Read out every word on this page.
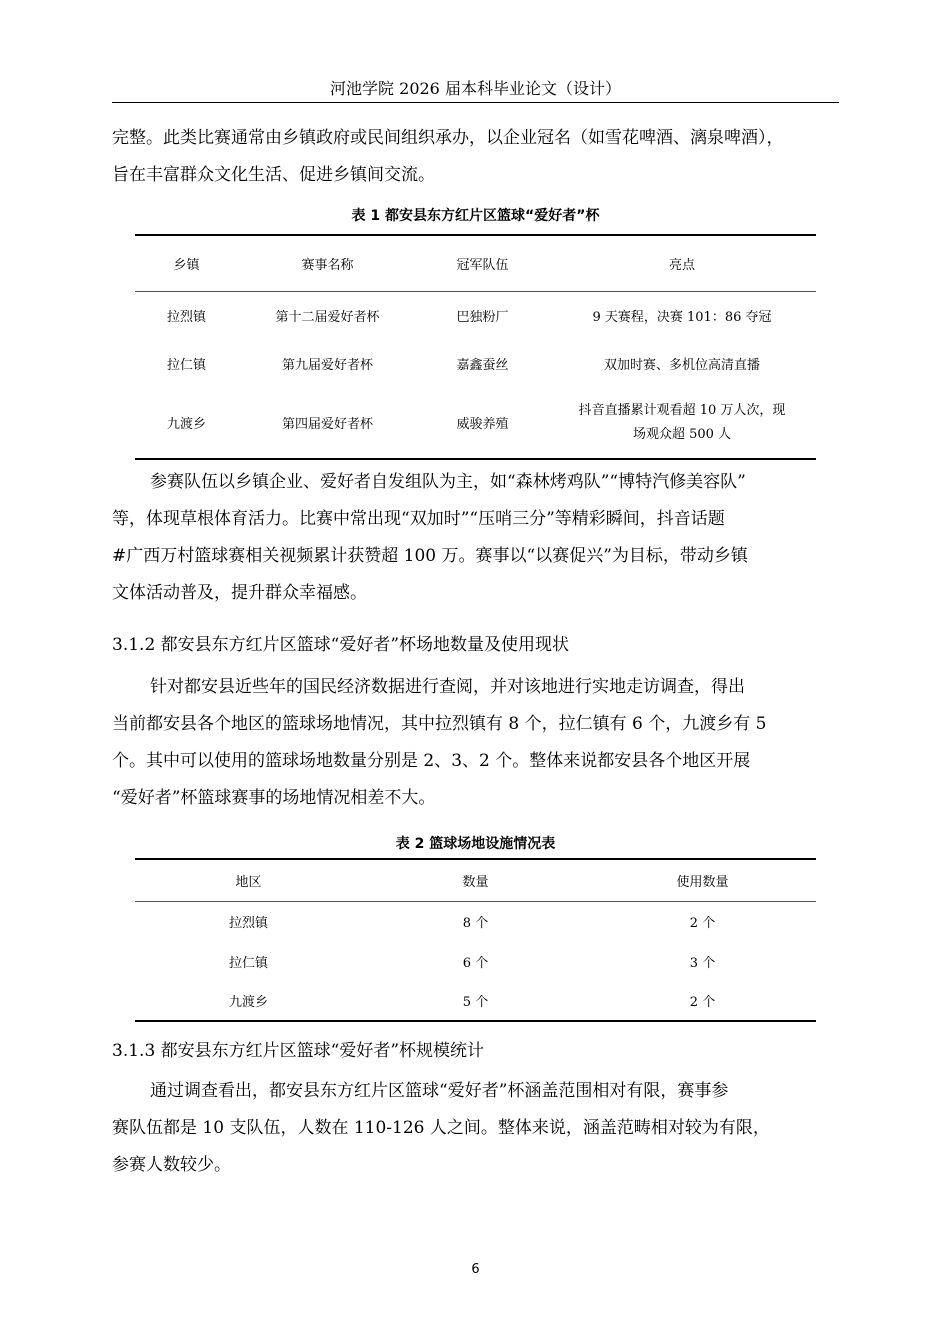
河池学院 2026 届本科毕业论文（设计）

完整。此类比赛通常由乡镇政府或民间组织承办，以企业冠名（如雪花啤酒、漓泉啤酒），
旨在丰富群众文化生活、促进乡镇间交流。

表 1 都安县东方红片区篮球“爱好者”杯
乡镇	赛事名称	冠军队伍	亮点
拉烈镇	第十二届爱好者杯	巴独粉厂	9 天赛程，决赛 101：86 夺冠
拉仁镇	第九届爱好者杯	嘉鑫蚕丝	双加时赛、多机位高清直播
九渡乡	第四届爱好者杯	威骏养殖	抖音直播累计观看超 10 万人次，现
场观众超 500 人

参赛队伍以乡镇企业、爱好者自发组队为主，如“森林烤鸡队”“博特汽修美容队”
等，体现草根体育活力。比赛中常出现“双加时”“压哨三分”等精彩瞬间，抖音话题
#广西万村篮球赛相关视频累计获赞超 100 万。赛事以“以赛促兴”为目标，带动乡镇
文体活动普及，提升群众幸福感。

3.1.2 都安县东方红片区篮球“爱好者”杯场地数量及使用现状

针对都安县近些年的国民经济数据进行查阅，并对该地进行实地走访调查，得出
当前都安县各个地区的篮球场地情况，其中拉烈镇有 8 个，拉仁镇有 6 个，九渡乡有 5
个。其中可以使用的篮球场地数量分别是 2、3、2 个。整体来说都安县各个地区开展
“爱好者”杯篮球赛事的场地情况相差不大。

表 2 篮球场地设施情况表
地区	数量	使用数量
拉烈镇	8 个	2 个
拉仁镇	6 个	3 个
九渡乡	5 个	2 个
3.1.3 都安县东方红片区篮球“爱好者”杯规模统计

通过调查看出，都安县东方红片区篮球“爱好者”杯涵盖范围相对有限，赛事参
赛队伍都是 10 支队伍，人数在 110-126 人之间。整体来说，涵盖范畴相对较为有限，
参赛人数较少。

6
